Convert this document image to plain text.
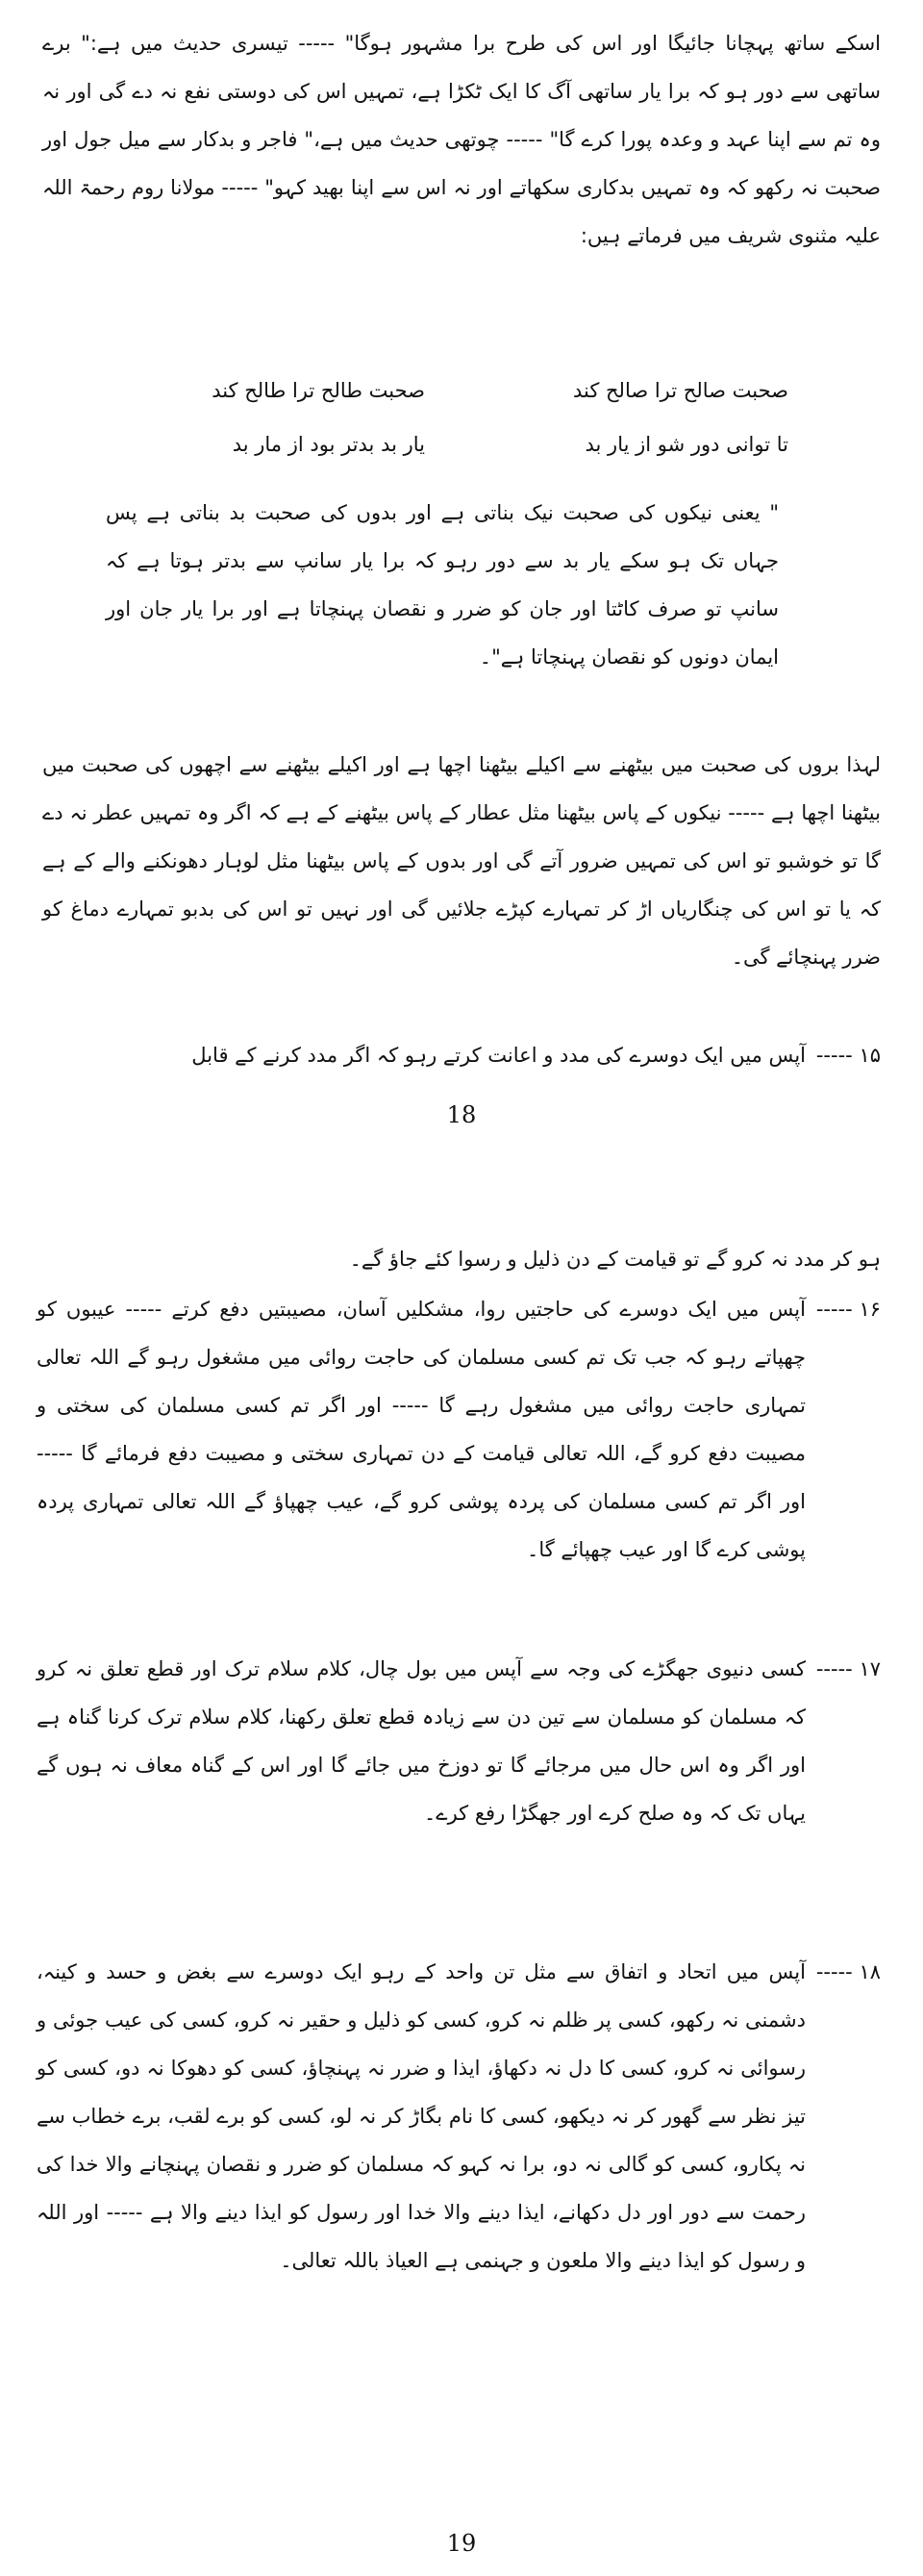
اسکے ساتھ پہچانا جائیگا اور اس کی طرح برا مشہور ہوگا" ----- تیسری حدیث میں ہے:" برے ساتھی سے دور ہو کہ برا یار ساتھی آگ کا ایک ٹکڑا ہے، تمہیں اس کی دوستی نفع نہ دے گی اور نہ وہ تم سے اپنا عہد و وعدہ پورا کرے گا" ----- چوتھی حدیث میں ہے،" فاجر و بدکار سے میل جول اور صحبت نہ رکھو کہ وہ تمہیں بدکاری سکھاتے اور نہ اس سے اپنا بھید کہو" ----- مولانا روم رحمۃ اللہ علیہ مثنوی شریف میں فرماتے ہیں:
صحبت صالح ترا صالح کند
صحبت طالح ترا طالح کند
تا توانی دور شو از یار بد
یار بد بدتر بود از مار بد
" یعنی نیکوں کی صحبت نیک بناتی ہے اور بدوں کی صحبت بد بناتی ہے پس جہاں تک ہو سکے یار بد سے دور رہو کہ برا یار سانپ سے بدتر ہوتا ہے کہ سانپ تو صرف کاٹتا اور جان کو ضرر و نقصان پہنچاتا ہے اور برا یار جان اور ایمان دونوں کو نقصان پہنچاتا ہے"۔
لہذا بروں کی صحبت میں بیٹھنے سے اکیلے بیٹھنا اچھا ہے اور اکیلے بیٹھنے سے اچھوں کی صحبت میں بیٹھنا اچھا ہے ----- نیکوں کے پاس بیٹھنا مثل عطار کے پاس بیٹھنے کے ہے کہ اگر وہ تمہیں عطر نہ دے گا تو خوشبو تو اس کی تمہیں ضرور آتے گی اور بدوں کے پاس بیٹھنا مثل لوہار دھونکنے والے کے ہے کہ یا تو اس کی چنگاریاں اڑ کر تمہارے کپڑے جلائیں گی اور نہیں تو اس کی بدبو تمہارے دماغ کو ضرر پہنچائے گی۔
۱۵ -----
آپس میں ایک دوسرے کی مدد و اعانت کرتے رہو کہ اگر مدد کرنے کے قابل
18
ہو کر مدد نہ کرو گے تو قیامت کے دن ذلیل و رسوا کئے جاؤ گے۔
۱۶ -----
آپس میں ایک دوسرے کی حاجتیں روا، مشکلیں آسان، مصیبتیں دفع کرتے ----- عیبوں کو چھپاتے رہو کہ جب تک تم کسی مسلمان کی حاجت روائی میں مشغول رہو گے اللہ تعالی تمہاری حاجت روائی میں مشغول رہے گا ----- اور اگر تم کسی مسلمان کی سختی و مصیبت دفع کرو گے، اللہ تعالی قیامت کے دن تمہاری سختی و مصیبت دفع فرمائے گا ----- اور اگر تم کسی مسلمان کی پردہ پوشی کرو گے، عیب چھپاؤ گے اللہ تعالی تمہاری پردہ پوشی کرے گا اور عیب چھپائے گا۔
۱۷ -----
کسی دنیوی جھگڑے کی وجہ سے آپس میں بول چال، کلام سلام ترک اور قطع تعلق نہ کرو کہ مسلمان کو مسلمان سے تین دن سے زیادہ قطع تعلق رکھنا، کلام سلام ترک کرنا گناہ ہے اور اگر وہ اس حال میں مرجائے گا تو دوزخ میں جائے گا اور اس کے گناہ معاف نہ ہوں گے یہاں تک کہ وہ صلح کرے اور جھگڑا رفع کرے۔
۱۸ -----
آپس میں اتحاد و اتفاق سے مثل تن واحد کے رہو ایک دوسرے سے بغض و حسد و کینہ، دشمنی نہ رکھو، کسی پر ظلم نہ کرو، کسی کو ذلیل و حقیر نہ کرو، کسی کی عیب جوئی و رسوائی نہ کرو، کسی کا دل نہ دکھاؤ، ایذا و ضرر نہ پہنچاؤ، کسی کو دھوکا نہ دو، کسی کو تیز نظر سے گھور کر نہ دیکھو، کسی کا نام بگاڑ کر نہ لو، کسی کو برے لقب، برے خطاب سے نہ پکارو، کسی کو گالی نہ دو، برا نہ کہو کہ مسلمان کو ضرر و نقصان پہنچانے والا خدا کی رحمت سے دور اور دل دکھانے، ایذا دینے والا خدا اور رسول کو ایذا دینے والا ہے ----- اور اللہ و رسول کو ایذا دینے والا ملعون و جہنمی ہے العیاذ باللہ تعالی۔
19
